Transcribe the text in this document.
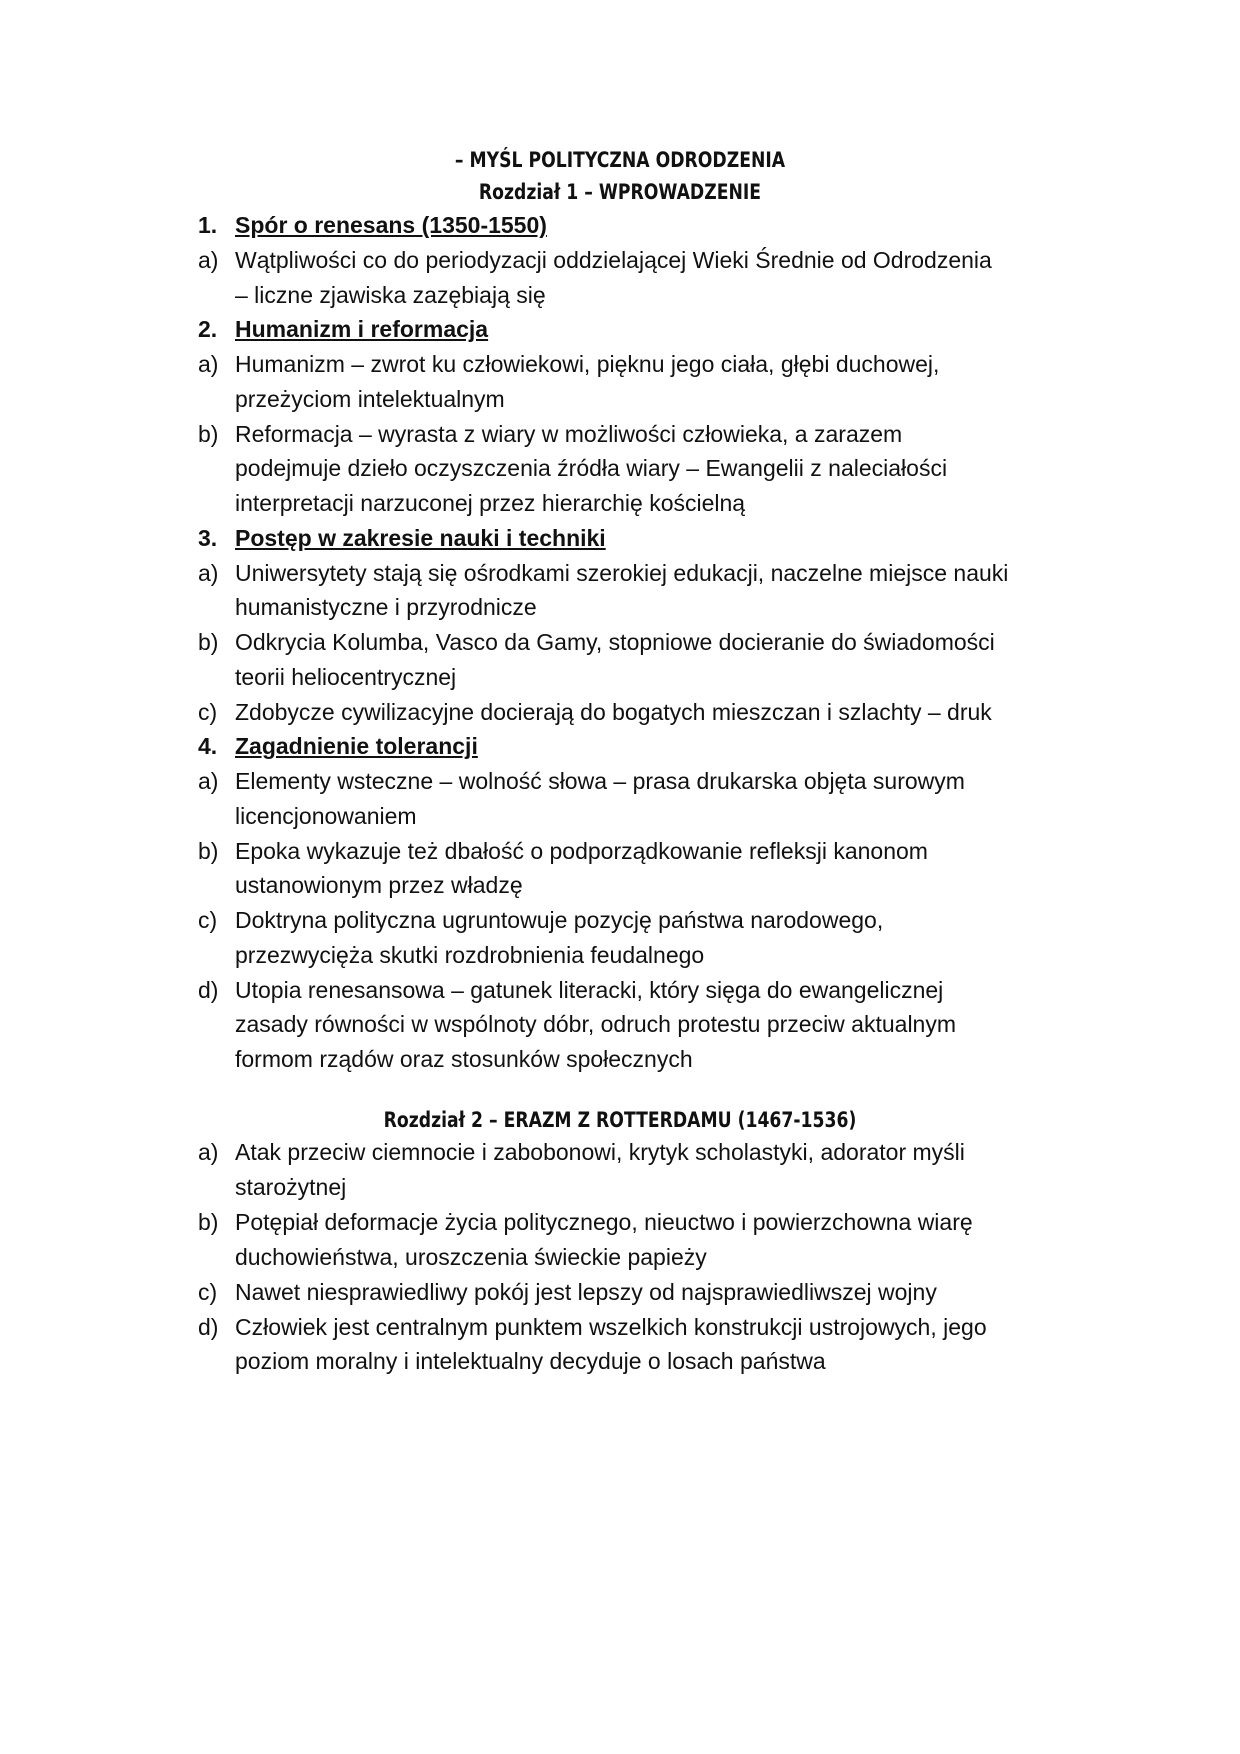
– MYŚL POLITYCZNA ODRODZENIA
Rozdział 1 – WPROWADZENIE
1. Spór o renesans (1350-1550)
a) Wątpliwości co do periodyzacji oddzielającej Wieki Średnie od Odrodzenia
– liczne zjawiska zazębiają się
2. Humanizm i reformacja
a) Humanizm – zwrot ku człowiekowi, pięknu jego ciała, głębi duchowej,
przeżyciom intelektualnym
b) Reformacja – wyrasta z wiary w możliwości człowieka, a zarazem
podejmuje dzieło oczyszczenia źródła wiary – Ewangelii z naleciałości
interpretacji narzuconej przez hierarchię kościelną
3. Postęp w zakresie nauki i techniki
a) Uniwersytety stają się ośrodkami szerokiej edukacji, naczelne miejsce nauki
humanistyczne i przyrodnicze
b) Odkrycia Kolumba, Vasco da Gamy, stopniowe docieranie do świadomości
teorii heliocentrycznej
c) Zdobycze cywilizacyjne docierają do bogatych mieszczan i szlachty – druk
4. Zagadnienie tolerancji
a) Elementy wsteczne – wolność słowa – prasa drukarska objęta surowym
licencjonowaniem
b) Epoka wykazuje też dbałość o podporządkowanie refleksji kanonom
ustanowionym przez władzę
c) Doktryna polityczna ugruntowuje pozycję państwa narodowego,
przezwycięża skutki rozdrobnienia feudalnego
d) Utopia renesansowa – gatunek literacki, który sięga do ewangelicznej
zasady równości w wspólnoty dóbr, odruch protestu przeciw aktualnym
formom rządów oraz stosunków społecznych
Rozdział 2 – ERAZM Z ROTTERDAMU (1467-1536)
a) Atak przeciw ciemnocie i zabobonowi, krytyk scholastyki, adorator myśli
starożytnej
b) Potępiał deformacje życia politycznego, nieuctwo i powierzchowna wiarę
duchowieństwa, uroszczenia świeckie papieży
c) Nawet niesprawiedliwy pokój jest lepszy od najsprawiedliwszej wojny
d) Człowiek jest centralnym punktem wszelkich konstrukcji ustrojowych, jego
poziom moralny i intelektualny decyduje o losach państwa
